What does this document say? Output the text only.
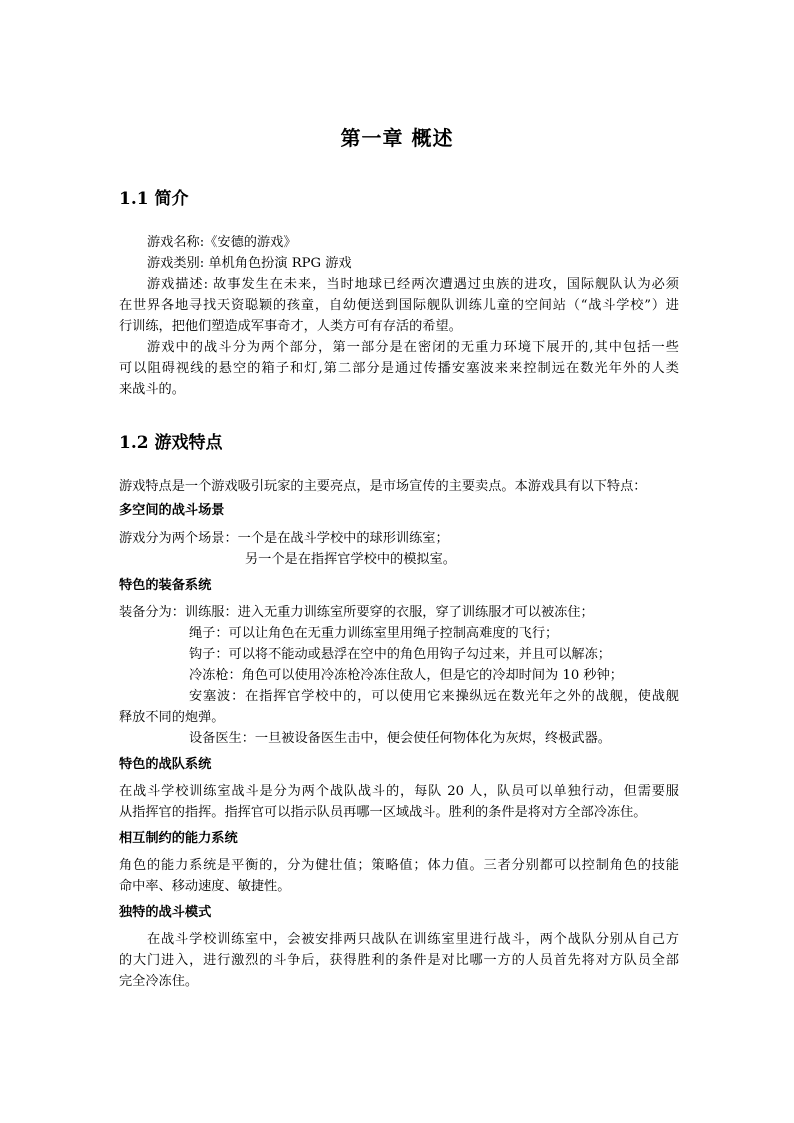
第一章 概述
1.1 简介
游戏名称:《安德的游戏》
游戏类别: 单机角色扮演 RPG 游戏
游戏描述: 故事发生在未来，当时地球已经两次遭遇过虫族的进攻，国际舰队认为必须
在世界各地寻找天资聪颖的孩童，自幼便送到国际舰队训练儿童的空间站（“战斗学校”）进
行训练，把他们塑造成军事奇才，人类方可有存活的希望。
游戏中的战斗分为两个部分，第一部分是在密闭的无重力环境下展开的,其中包括一些
可以阻碍视线的悬空的箱子和灯,第二部分是通过传播安塞波来来控制远在数光年外的人类
来战斗的。
1.2 游戏特点
游戏特点是一个游戏吸引玩家的主要亮点，是市场宣传的主要卖点。本游戏具有以下特点：
多空间的战斗场景
游戏分为两个场景：一个是在战斗学校中的球形训练室；
另一个是在指挥官学校中的模拟室。
特色的装备系统
装备分为：训练服：进入无重力训练室所要穿的衣服，穿了训练服才可以被冻住；
绳子：可以让角色在无重力训练室里用绳子控制高难度的飞行；
钩子：可以将不能动或悬浮在空中的角色用钩子勾过来，并且可以解冻；
冷冻枪：角色可以使用冷冻枪冷冻住敌人，但是它的冷却时间为 10 秒钟；
安塞波：在指挥官学校中的，可以使用它来操纵远在数光年之外的战舰，使战舰
释放不同的炮弹。
设备医生：一旦被设备医生击中，便会使任何物体化为灰烬，终极武器。
特色的战队系统
在战斗学校训练室战斗是分为两个战队战斗的，每队 20 人，队员可以单独行动，但需要服
从指挥官的指挥。指挥官可以指示队员再哪一区域战斗。胜利的条件是将对方全部冷冻住。
相互制约的能力系统
角色的能力系统是平衡的，分为健壮值；策略值；体力值。三者分别都可以控制角色的技能
命中率、移动速度、敏捷性。
独特的战斗模式
在战斗学校训练室中，会被安排两只战队在训练室里进行战斗，两个战队分别从自己方
的大门进入，进行激烈的斗争后，获得胜利的条件是对比哪一方的人员首先将对方队员全部
完全冷冻住。
